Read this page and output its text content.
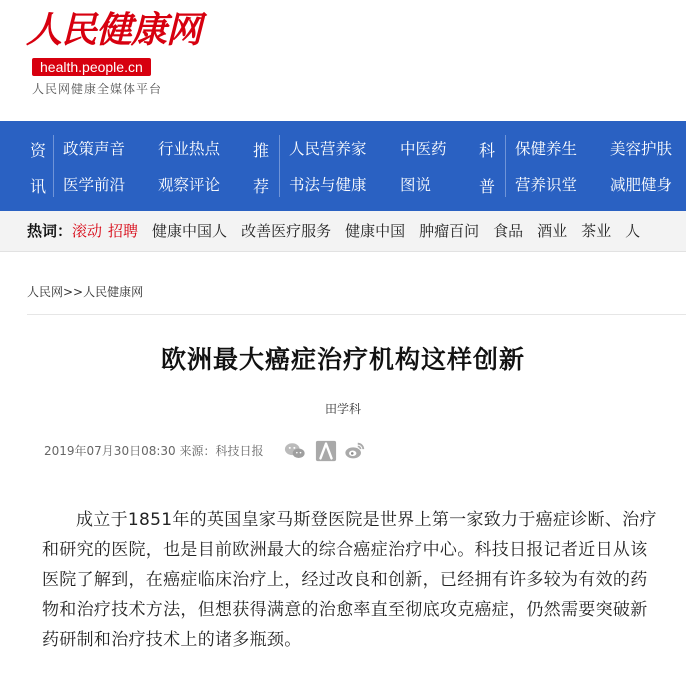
人民健康网
health.people.cn
人民网健康全媒体平台
资
讯
政策声音
医学前沿
行业热点
观察评论
推
荐
人民营养家
书法与健康
中医药
图说
科
普
保健养生
营养识堂
美容护肤
减肥健身
热词：滚动 招聘 健康中国人 改善医疗服务 健康中国 肿瘤百问 食品 酒业 茶业 人
人民网>>人民健康网
欧洲最大癌症治疗机构这样创新
田学科
2019年07月30日08:30 来源：科技日报

成立于1851年的英国皇家马斯登医院是世界上第一家致力于癌症诊断、治疗和研究的医院，也是目前欧洲最大的综合癌症治疗中心。科技日报记者近日从该医院了解到，在癌症临床治疗上，经过改良和创新，已经拥有许多较为有效的药物和治疗技术方法，但想获得满意的治愈率直至彻底攻克癌症，仍然需要突破新药研制和治疗技术上的诸多瓶颈。
